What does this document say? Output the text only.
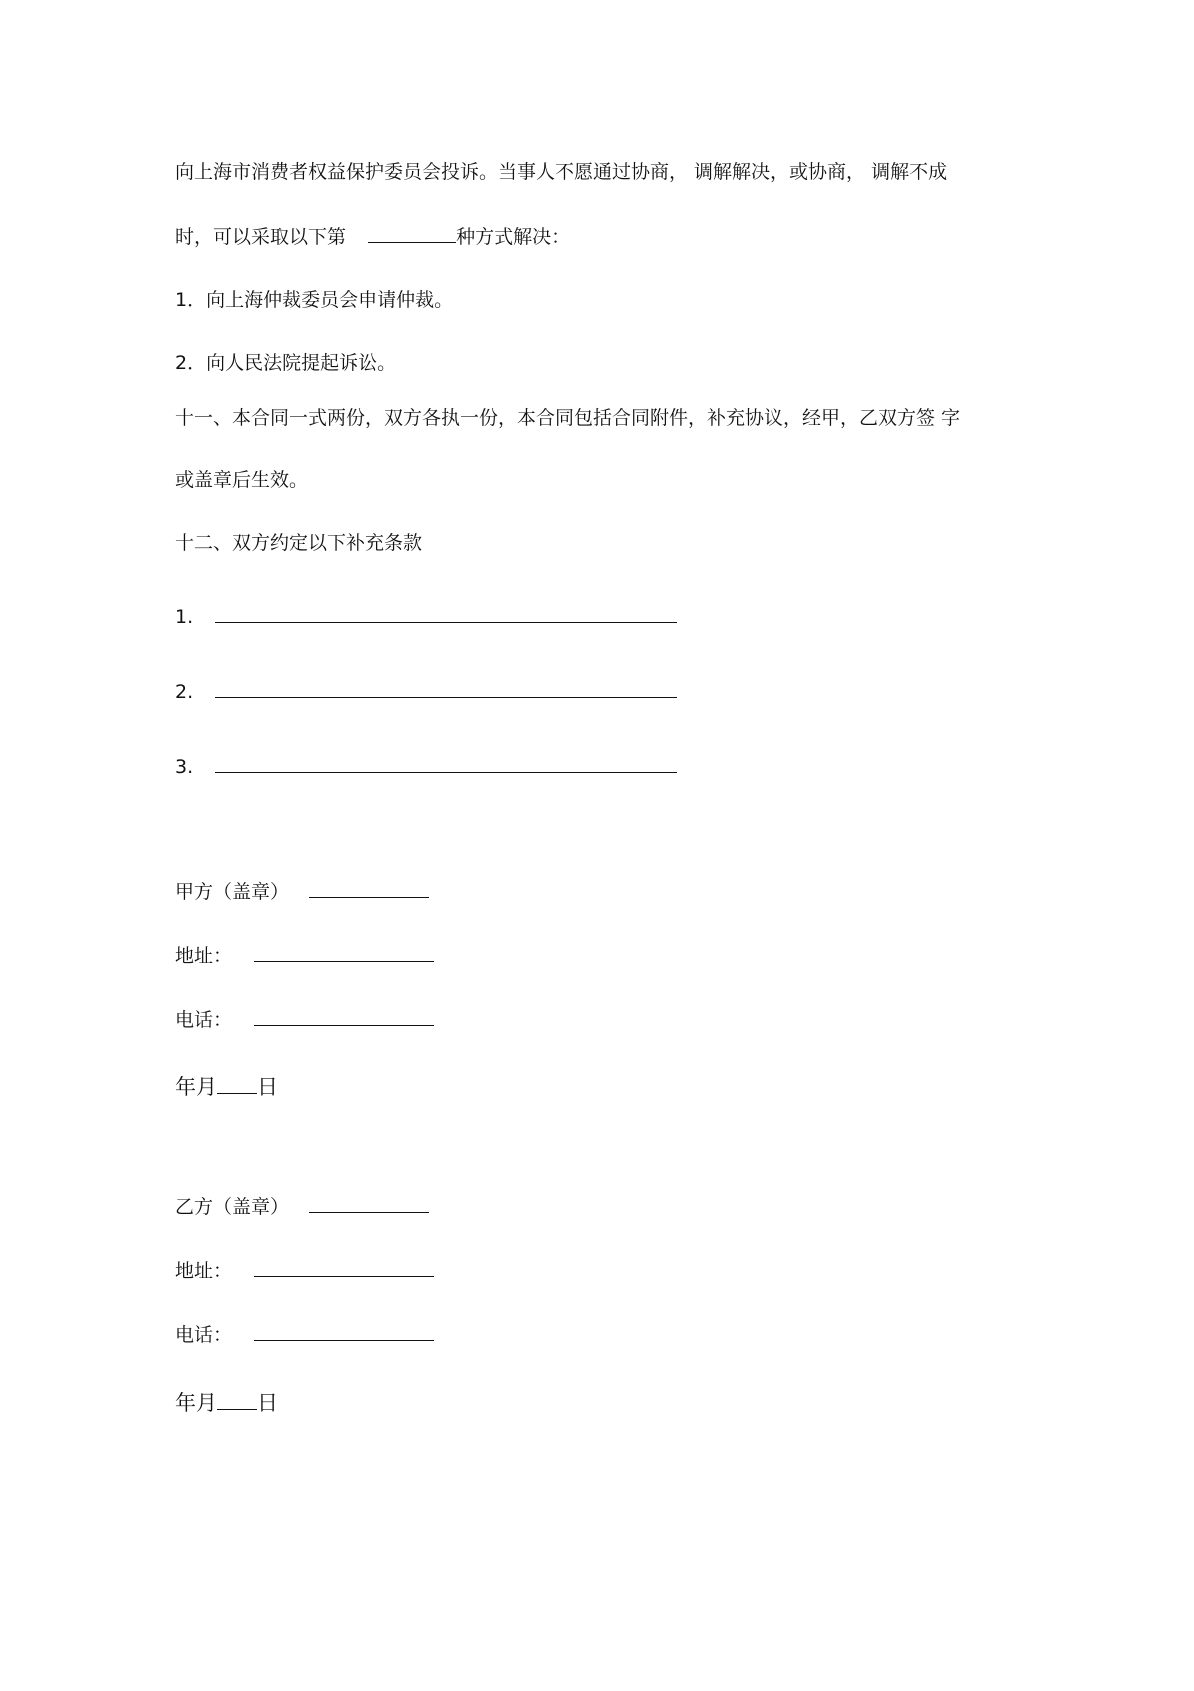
向上海市消费者权益保护委员会投诉。当事人不愿通过协商， 调解解决，或协商， 调解不成
时，可以采取以下第	种方式解决：
1．向上海仲裁委员会申请仲裁。
2．向人民法院提起诉讼。
十一、本合同一式两份，双方各执一份，本合同包括合同附件，补充协议，经甲，乙双方签 字
或盖章后生效。
十二、双方约定以下补充条款
1.
2.
3.
甲方（盖章）
地址：
电话：
年月 日
乙方（盖章）
地址：
电话：
年月 日
